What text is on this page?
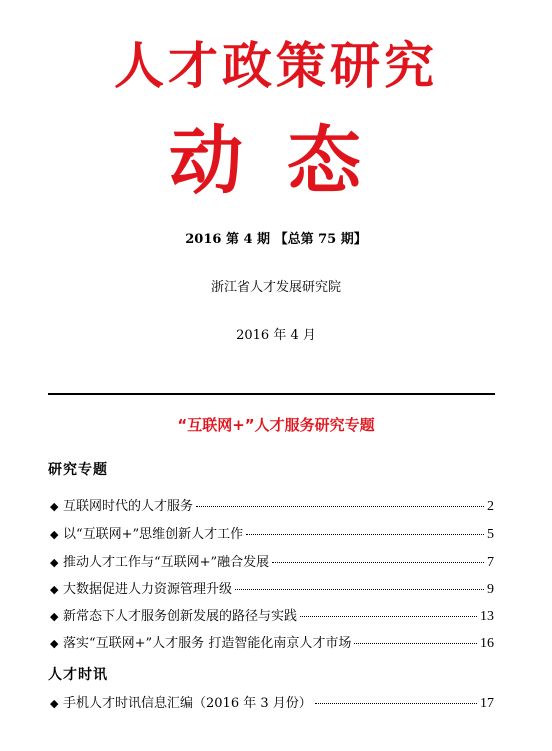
人才政策研究
动态
2016 第 4 期 【总第 75 期】
浙江省人才发展研究院
2016 年 4 月
“互联网+”人才服务研究专题
研究专题
◆ 互联网时代的人才服务	2
◆ 以“互联网+”思维创新人才工作	5
◆ 推动人才工作与“互联网+”融合发展	7
◆ 大数据促进人力资源管理升级	9
◆ 新常态下人才服务创新发展的路径与实践	13
◆ 落实“互联网+”人才服务 打造智能化南京人才市场	16
人才时讯
◆ 手机人才时讯信息汇编（2016 年 3 月份）	17
